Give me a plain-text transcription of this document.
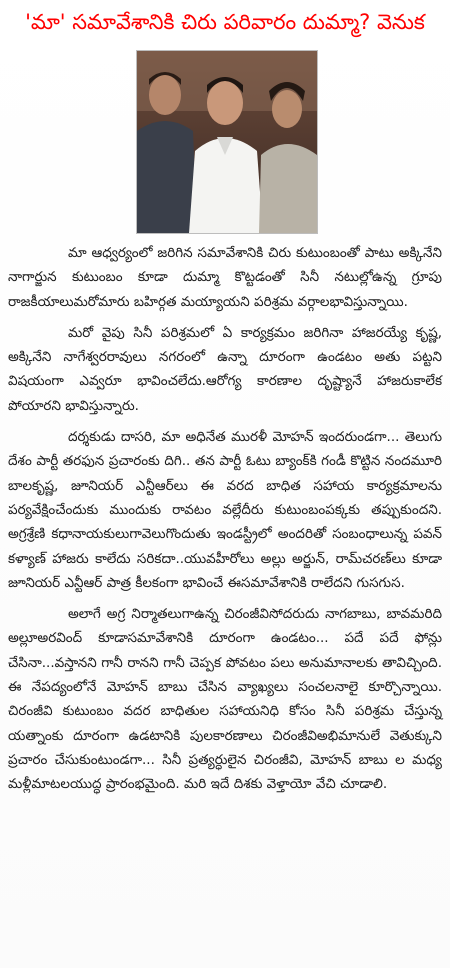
'మా' సమావేశానికి చిరు పరివారం దుమ్మా? వెనుక

మా ఆధ్వర్యంలో జరిగిన సమావేశానికి చిరు కుటుంబంతో పాటు అక్కినేని నాగార్జున కుటుంబం కూడా దుమ్మా కొట్టడంతో సినీ నటుల్లోఉన్న గ్రూపు రాజకీయాలుమరోమారు బహిర్గత మయ్యాయని పరిశ్రమ వర్గాలభావిస్తున్నాయి.

మరో వైపు సినీ పరిశ్రమలో ఏ కార్యక్రమం జరిగినా హాజరయ్యే కృష్ణ, అక్కినేని నాగేశ్వరరావులు నగరంలో ఉన్నా దూరంగా ఉండటం అతు పట్టని విషయంగా ఎవ్వరూ భావించలేదు.ఆరోగ్య కారణాల దృష్ట్యానే హాజరుకాలేక పోయారని భావిస్తున్నారు.

దర్శకుడు దాసరి, మా అధినేత మురళీ మోహన్ ఇందరుండగా... తెలుగు దేశం పార్టీ తరఫున ప్రచారంకు దిగి.. తన పార్టీ ఓటు బ్యాంక్‌కి గండీ కొట్టిన నందమూరి బాలకృష్ణ, జూనియర్ ఎన్టీఆర్‌లు ఈ వరద బాధిత సహాయ కార్యక్రమాలను పర్యవేక్షించేందుకు ముందుకు రావటం వల్లేదీరు కుటుంబంపక్కకు తప్పుకుందని. అగ్రశ్రేణి కధానాయకులుగావెలుగొందుతు ఇండస్ట్రీలో అందరితో సంబంధాలున్న పవన్ కళ్యాణ్ హాజరు కాలేదు సరికదా..యువహీరోలు అల్లు అర్జున్, రామ్‌చరణ్‌లు కూడా జూనియర్ ఎన్టీఆర్ పాత్ర కీలకంగా భావించే ఈసమావేశానికి రాలేదని గుసగుస.

అలాగే అగ్ర నిర్మాతలుగాఉన్న చిరంజీవిసోదరుదు నాగబాబు, బావమరిది అల్లూఅరవింద్ కూడాసమావేశానికి దూరంగా ఉండటం... పదే పదే ఫోన్లు చేసినా...వస్తానని గానీ రానని గానీ చెప్పక పోవటం పలు అనుమానాలకు తావిచ్చింది. ఈ నేపద్యంలోనే మోహన్ బాబు చేసిన వ్యాఖ్యలు సంచలనాలై కూర్చొన్నాయి. చిరంజీవి కుటుంబం వదర బాధితుల సహాయనిధి కోసం సినీ పరిశ్రమ చేస్తున్న యత్నాంకు దూరంగా ఉడటానికి పులకారణాలు చిరంజీవిఅభిమానులే వెతుక్కుని ప్రచారం చేసుకుంటుండగా... సినీ ప్రత్యర్ధులైన చిరంజీవి, మోహన్ బాబు ల మధ్య మళ్లీమాటలయుద్ధ ప్రారంభమైంది. మరి ఇదే దిశకు వెళ్తాయో వేచి చూడాలి.
